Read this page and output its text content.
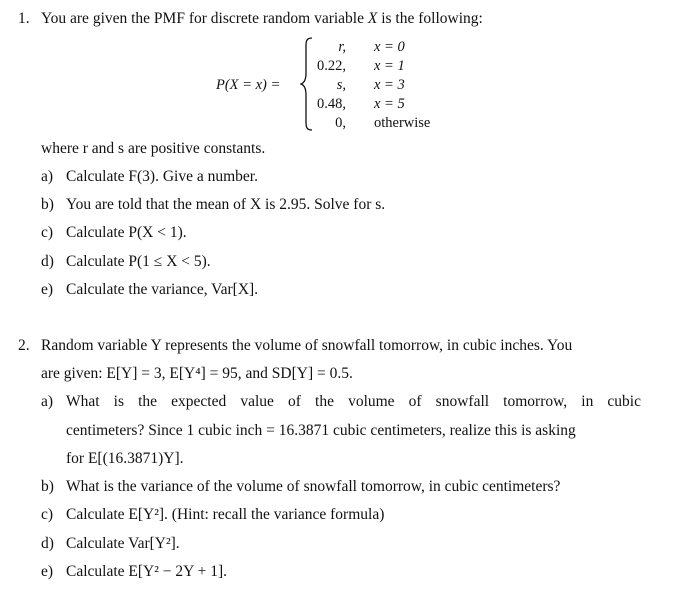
1. You are given the PMF for discrete random variable X is the following:
P(X = x) =
r,
0.22,
s,
0.48,
0,
x = 0
x = 1
x = 3
x = 5
otherwise
where r and s are positive constants.
a) Calculate F(3). Give a number.
b) You are told that the mean of X is 2.95. Solve for s.
c) Calculate P(X < 1).
d) Calculate P(1 ≤ X < 5).
e) Calculate the variance, Var[X].
2. Random variable Y represents the volume of snowfall tomorrow, in cubic inches. You
are given: E[Y] = 3, E[Y⁴] = 95, and SD[Y] = 0.5.
a) What is the expected value of the volume of snowfall tomorrow, in cubic
centimeters? Since 1 cubic inch = 16.3871 cubic centimeters, realize this is asking
for E[(16.3871)Y].
b) What is the variance of the volume of snowfall tomorrow, in cubic centimeters?
c) Calculate E[Y²]. (Hint: recall the variance formula)
d) Calculate Var[Y²].
e) Calculate E[Y² − 2Y + 1].
